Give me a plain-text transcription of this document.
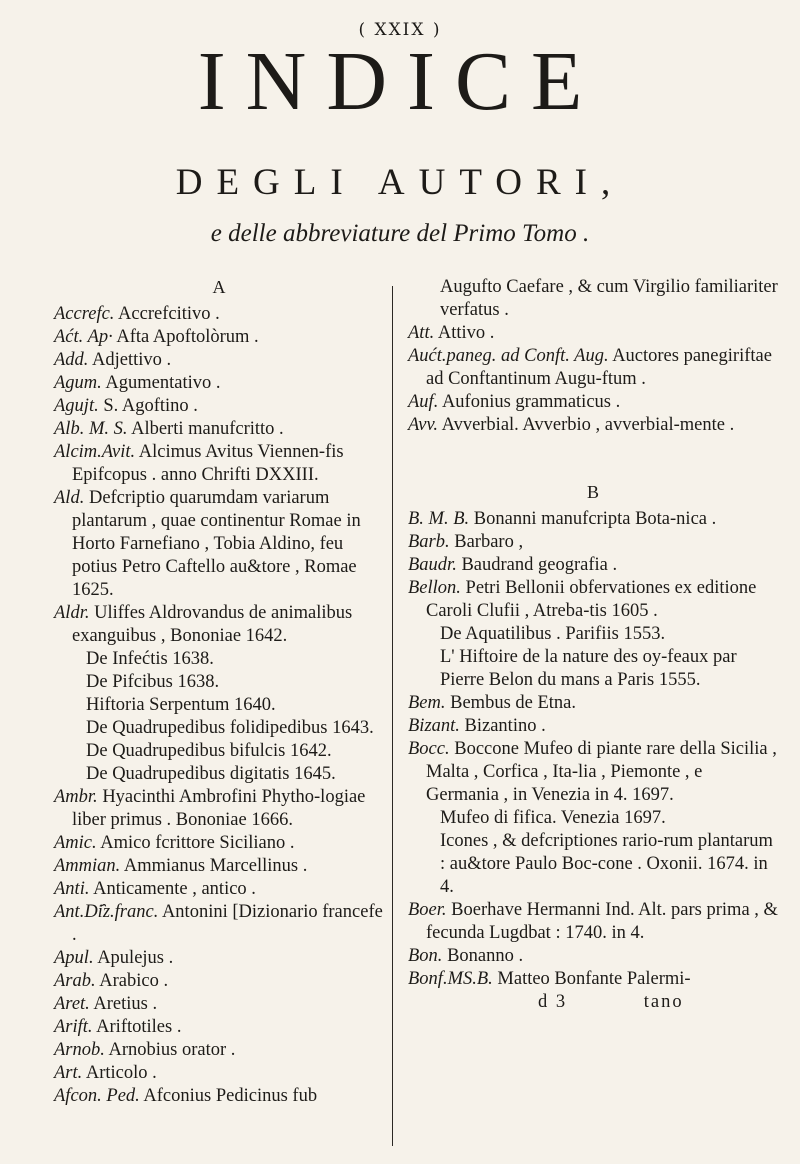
( XXIX )
INDICE
DEGLI AUTORI,
e delle abbreviature del Primo Tomo .

A

Accrefc. Accrefcitivo .

Aćt. Ap· Afta Apoftolòrum .

Add. Adjettivo .

Agum. Agumentativo .

Agujt. S. Agoftino .

Alb. M. S. Alberti manufcritto .

Alcim.Avit. Alcimus Avitus Viennen-fis Epifcopus . anno Chrifti DXXIII.

Ald. Defcriptio quarumdam variarum plantarum , quae continentur Romae in Horto Farnefiano , Tobia Aldino, feu potius Petro Caftello au&tore , Romae 1625.

Aldr. Uliffes Aldrovandus de animalibus exanguibus , Bononiae 1642.

De Infećtis 1638.

De Pifcibus 1638.

Hiftoria Serpentum 1640.

De Quadrupedibus folidipedibus 1643.

De Quadrupedibus bifulcis 1642.

De Quadrupedibus digitatis 1645.

Ambr. Hyacinthi Ambrofini Phytho-logiae liber primus . Bononiae 1666.

Amic. Amico fcrittore Siciliano .

Ammian. Ammianus Marcellinus .

Anti. Anticamente , antico .

Ant.Di҄z.franc. Antonini [Dizionario francefe .

Apul. Apulejus .

Arab. Arabico .

Aret. Aretius .

Arift. Ariftotiles .

Arnob. Arnobius orator .

Art. Articolo .

Afcon. Ped. Afconius Pedicinus fub

Augufto Caefare , & cum Virgilio familiariter verfatus .

Att. Attivo .

Aućt.paneg. ad Conft. Aug. Auctores panegiriftae ad Conftantinum Augu-ftum .

Auf. Aufonius grammaticus .

Avv. Avverbial. Avverbio , avverbial-mente .

B

B. M. B. Bonanni manufcripta Bota-nica .

Barb. Barbaro ,

Baudr. Baudrand geografia .

Bellon. Petri Bellonii obfervationes ex editione Caroli Clufii , Atreba-tis 1605 .

De Aquatilibus . Parifiis 1553.

L' Hiftoire de la nature des oy-feaux par Pierre Belon du mans a Paris 1555.

Bem. Bembus de Etna.

Bizant. Bizantino .

Bocc. Boccone Mufeo di piante rare della Sicilia , Malta , Corfica , Ita-lia , Piemonte , e Germania , in Venezia in 4. 1697.

Mufeo di fifica. Venezia 1697.

Icones , & defcriptiones rario-rum plantarum : au&tore Paulo Boc-cone . Oxonii. 1674. in 4.

Boer. Boerhave Hermanni Ind. Alt. pars prima , & fecunda Lugdbat : 1740. in 4.

Bon. Bonanno .

Bonf.MS.B. Matteo Bonfante Palermi-

d 3	tano
